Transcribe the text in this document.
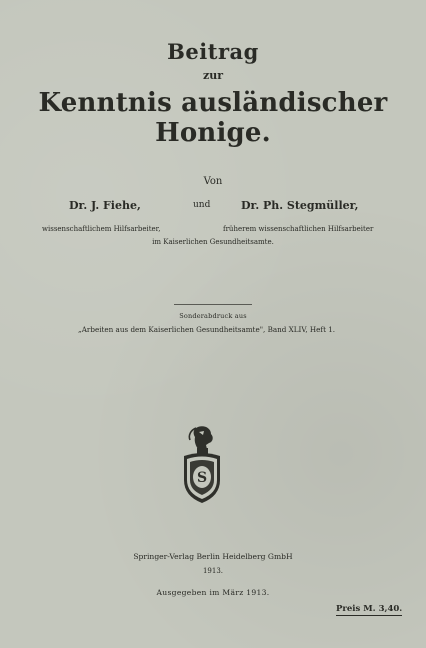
Beitrag
zur
Kenntnis ausländischer Honige.
Von
Dr. J. Fiehe,	und	Dr. Ph. Stegmüller,
wissenschaftlichem Hilfsarbeiter,	früherem wissenschaftlichen Hilfsarbeiter
im Kaiserlichen Gesundheitsamte.
Sonderabdruck aus
„Arbeiten aus dem Kaiserlichen Gesundheitsamte", Band XLIV, Heft 1.
S
Springer-Verlag Berlin Heidelberg GmbH
1913.
Ausgegeben im März 1913.
Preis M. 3,40.
